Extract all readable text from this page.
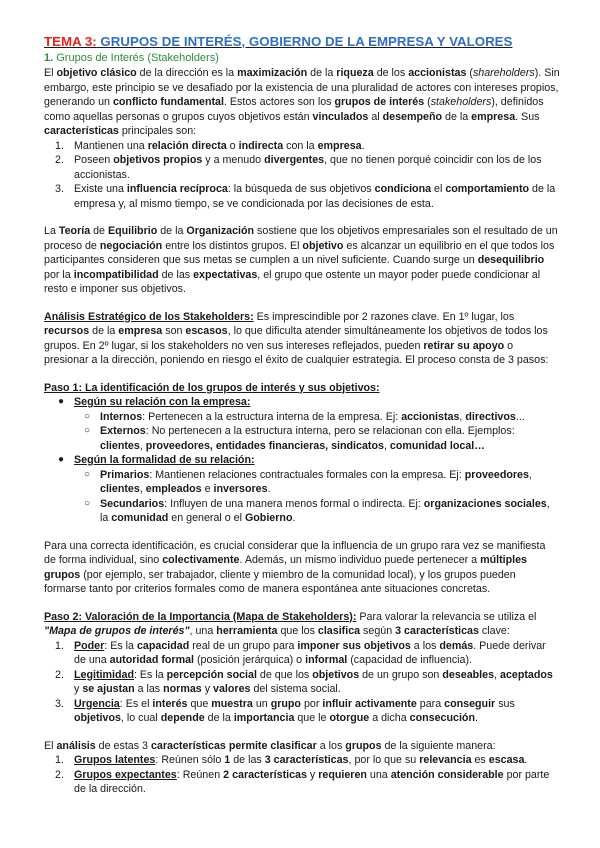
TEMA 3: GRUPOS DE INTERÉS, GOBIERNO DE LA EMPRESA Y VALORES
1. Grupos de Interés (Stakeholders)

El objetivo clásico de la dirección es la maximización de la riqueza de los accionistas (shareholders). Sin embargo, este principio se ve desafiado por la existencia de una pluralidad de actores con intereses propios, generando un conflicto fundamental. Estos actores son los grupos de interés (stakeholders), definidos como aquellas personas o grupos cuyos objetivos están vinculados al desempeño de la empresa. Sus características principales son:

1. Mantienen una relación directa o indirecta con la empresa.
2. Poseen objetivos propios y a menudo divergentes, que no tienen porqué coincidir con los de los accionistas.
3. Existe una influencia recíproca: la búsqueda de sus objetivos condiciona el comportamiento de la empresa y, al mismo tiempo, se ve condicionada por las decisiones de esta.

La Teoría de Equilibrio de la Organización sostiene que los objetivos empresariales son el resultado de un proceso de negociación entre los distintos grupos. El objetivo es alcanzar un equilibrio en el que todos los participantes consideren que sus metas se cumplen a un nivel suficiente. Cuando surge un desequilibrio por la incompatibilidad de las expectativas, el grupo que ostente un mayor poder puede condicionar al resto e imponer sus objetivos.

Análisis Estratégico de los Stakeholders: Es imprescindible por 2 razones clave. En 1º lugar, los recursos de la empresa son escasos, lo que dificulta atender simultáneamente los objetivos de todos los grupos. En 2º lugar, si los stakeholders no ven sus intereses reflejados, pueden retirar su apoyo o presionar a la dirección, poniendo en riesgo el éxito de cualquier estrategia. El proceso consta de 3 pasos:

Paso 1: La identificación de los grupos de interés y sus objetivos:

● Según su relación con la empresa:
○ Internos: Pertenecen a la estructura interna de la empresa. Ej: accionistas, directivos...
○ Externos: No pertenecen a la estructura interna, pero se relacionan con ella. Ejemplos: clientes, proveedores, entidades financieras, sindicatos, comunidad local…
● Según la formalidad de su relación:
○ Primarios: Mantienen relaciones contractuales formales con la empresa. Ej: proveedores, clientes, empleados e inversores.
○ Secundarios: Influyen de una manera menos formal o indirecta. Ej: organizaciones sociales, la comunidad en general o el Gobierno.

Para una correcta identificación, es crucial considerar que la influencia de un grupo rara vez se manifiesta de forma individual, sino colectivamente. Además, un mismo individuo puede pertenecer a múltiples grupos (por ejemplo, ser trabajador, cliente y miembro de la comunidad local), y los grupos pueden formarse tanto por criterios formales como de manera espontánea ante situaciones concretas.

Paso 2: Valoración de la Importancia (Mapa de Stakeholders): Para valorar la relevancia se utiliza el "Mapa de grupos de interés", una herramienta que los clasifica según 3 características clave:

1. Poder: Es la capacidad real de un grupo para imponer sus objetivos a los demás. Puede derivar de una autoridad formal (posición jerárquica) o informal (capacidad de influencia).
2. Legitimidad: Es la percepción social de que los objetivos de un grupo son deseables, aceptados y se ajustan a las normas y valores del sistema social.
3. Urgencia: Es el interés que muestra un grupo por influir activamente para conseguir sus objetivos, lo cual depende de la importancia que le otorgue a dicha consecución.

El análisis de estas 3 características permite clasificar a los grupos de la siguiente manera:

1. Grupos latentes: Reúnen sólo 1 de las 3 características, por lo que su relevancia es escasa.
2. Grupos expectantes: Reúnen 2 características y requieren una atención considerable por parte de la dirección.
